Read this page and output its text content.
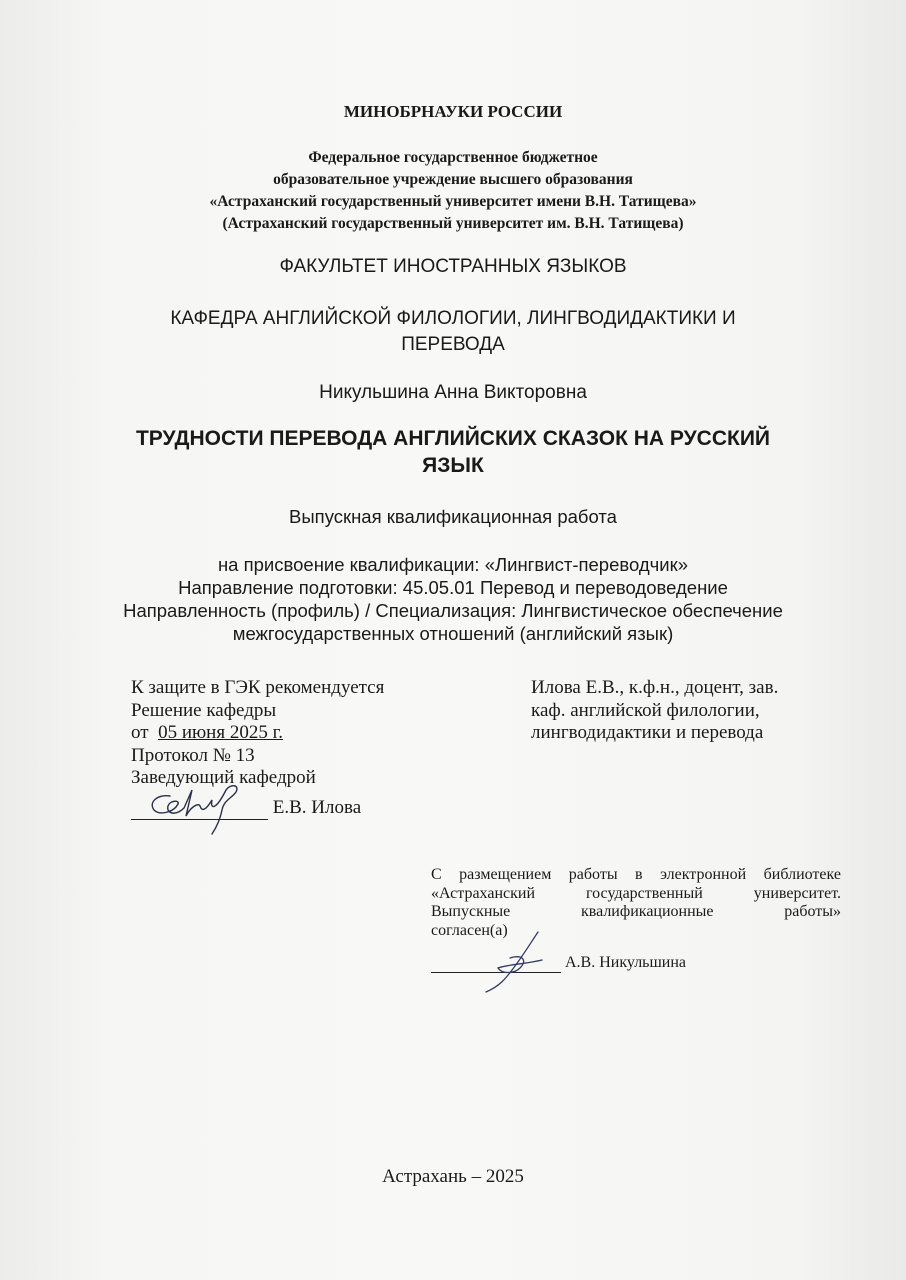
МИНОБРНАУКИ РОССИИ
Федеральное государственное бюджетное
образовательное учреждение высшего образования
«Астраханский государственный университет имени В.Н. Татищева»
(Астраханский государственный университет им. В.Н. Татищева)
ФАКУЛЬТЕТ ИНОСТРАННЫХ ЯЗЫКОВ
КАФЕДРА АНГЛИЙСКОЙ ФИЛОЛОГИИ, ЛИНГВОДИДАКТИКИ И
ПЕРЕВОДА
Никульшина Анна Викторовна
ТРУДНОСТИ ПЕРЕВОДА АНГЛИЙСКИХ СКАЗОК НА РУССКИЙ
ЯЗЫК
Выпускная квалификационная работа
на присвоение квалификации: «Лингвист-переводчик»
Направление подготовки: 45.05.01 Перевод и переводоведение
Направленность (профиль) / Специализация: Лингвистическое обеспечение
межгосударственных отношений (английский язык)
К защите в ГЭК рекомендуется
Решение кафедры
от 05 июня 2025 г.
Протокол № 13
Заведующий кафедрой
Е.В. Илова
Илова Е.В., к.ф.н., доцент, зав.
каф. английской филологии,
лингводидактики и перевода
С размещением работы в электронной библиотеке
«Астраханский государственный университет.
Выпускные квалификационные работы»
согласен(а)
А.В. Никульшина
Астрахань – 2025
